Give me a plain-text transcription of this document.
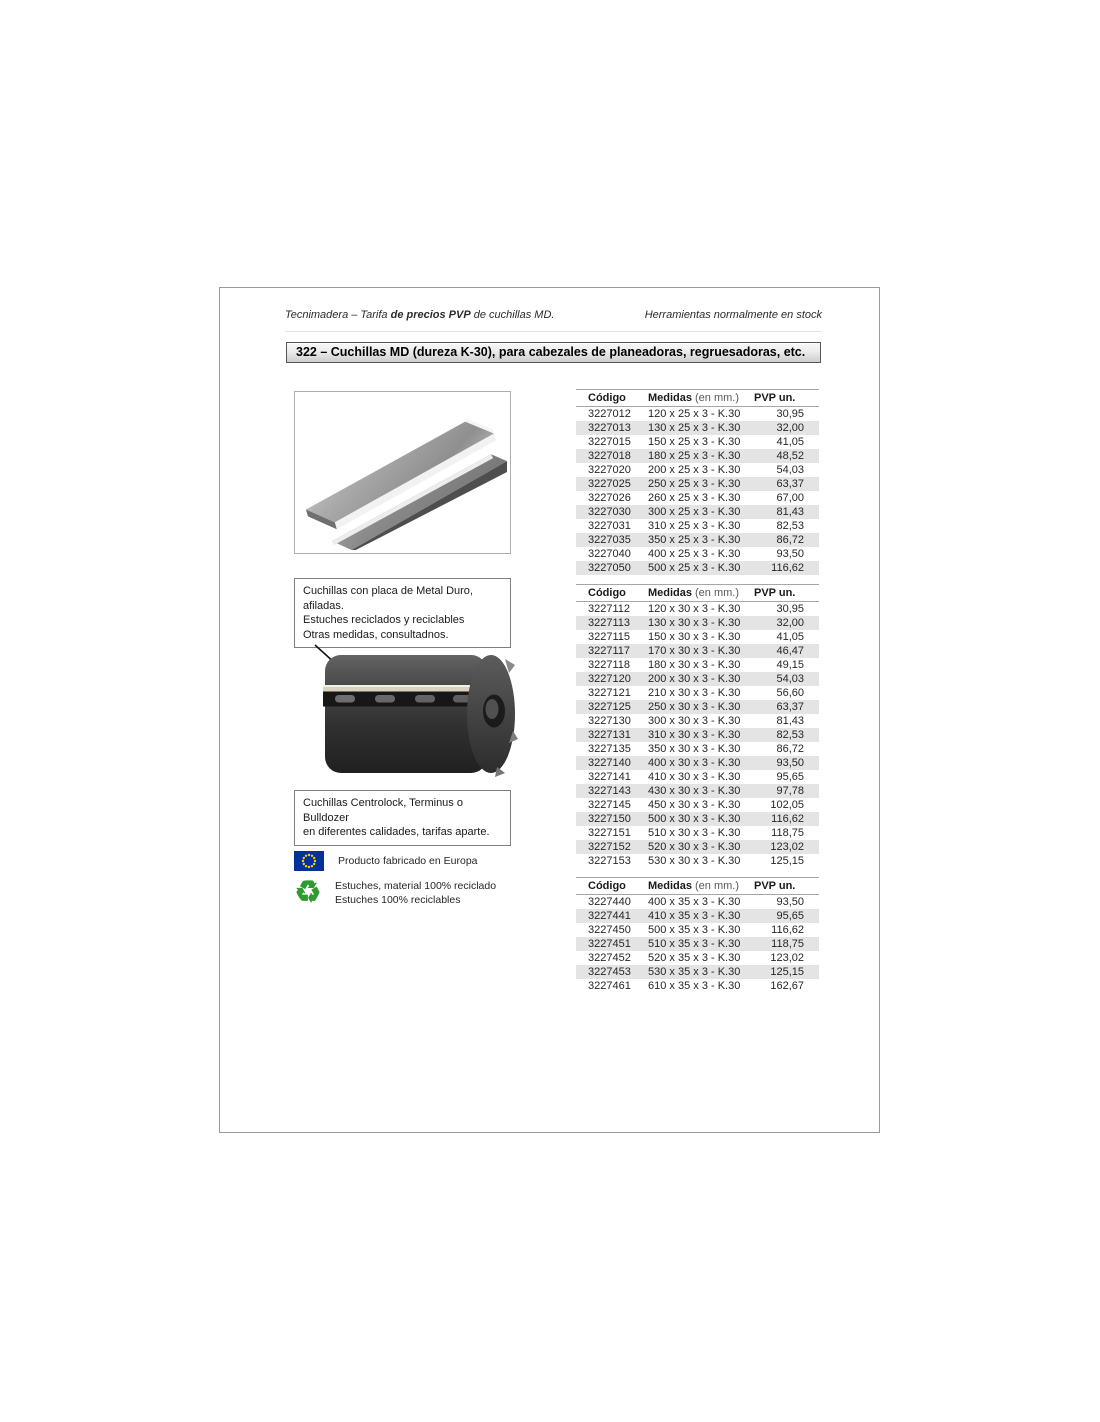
Tecnimadera – Tarifa de precios PVP de cuchillas MD.	Herramientas normalmente en stock
322 – Cuchillas MD (dureza K-30), para cabezales de planeadoras, regruesadoras, etc.
Cuchillas con placa de Metal Duro, afiladas.
Estuches reciclados y reciclables
Otras medidas, consultadnos.
Cuchillas Centrolock, Terminus o Bulldozer
en diferentes calidades, tarifas aparte.
Producto fabricado en Europa
♻ Estuches, material 100% reciclado
Estuches 100% reciclables
Código	Medidas (en mm.)	PVP un.
3227012	120 x 25 x 3 - K.30	30,95
3227013	130 x 25 x 3 - K.30	32,00
3227015	150 x 25 x 3 - K.30	41,05
3227018	180 x 25 x 3 - K.30	48,52
3227020	200 x 25 x 3 - K.30	54,03
3227025	250 x 25 x 3 - K.30	63,37
3227026	260 x 25 x 3 - K.30	67,00
3227030	300 x 25 x 3 - K.30	81,43
3227031	310 x 25 x 3 - K.30	82,53
3227035	350 x 25 x 3 - K.30	86,72
3227040	400 x 25 x 3 - K.30	93,50
3227050	500 x 25 x 3 - K.30	116,62
Código	Medidas (en mm.)	PVP un.
3227112	120 x 30 x 3 - K.30	30,95
3227113	130 x 30 x 3 - K.30	32,00
3227115	150 x 30 x 3 - K.30	41,05
3227117	170 x 30 x 3 - K.30	46,47
3227118	180 x 30 x 3 - K.30	49,15
3227120	200 x 30 x 3 - K.30	54,03
3227121	210 x 30 x 3 - K.30	56,60
3227125	250 x 30 x 3 - K.30	63,37
3227130	300 x 30 x 3 - K.30	81,43
3227131	310 x 30 x 3 - K.30	82,53
3227135	350 x 30 x 3 - K.30	86,72
3227140	400 x 30 x 3 - K.30	93,50
3227141	410 x 30 x 3 - K.30	95,65
3227143	430 x 30 x 3 - K.30	97,78
3227145	450 x 30 x 3 - K.30	102,05
3227150	500 x 30 x 3 - K.30	116,62
3227151	510 x 30 x 3 - K.30	118,75
3227152	520 x 30 x 3 - K.30	123,02
3227153	530 x 30 x 3 - K.30	125,15
Código	Medidas (en mm.)	PVP un.
3227440	400 x 35 x 3 - K.30	93,50
3227441	410 x 35 x 3 - K.30	95,65
3227450	500 x 35 x 3 - K.30	116,62
3227451	510 x 35 x 3 - K.30	118,75
3227452	520 x 35 x 3 - K.30	123,02
3227453	530 x 35 x 3 - K.30	125,15
3227461	610 x 35 x 3 - K.30	162,67
